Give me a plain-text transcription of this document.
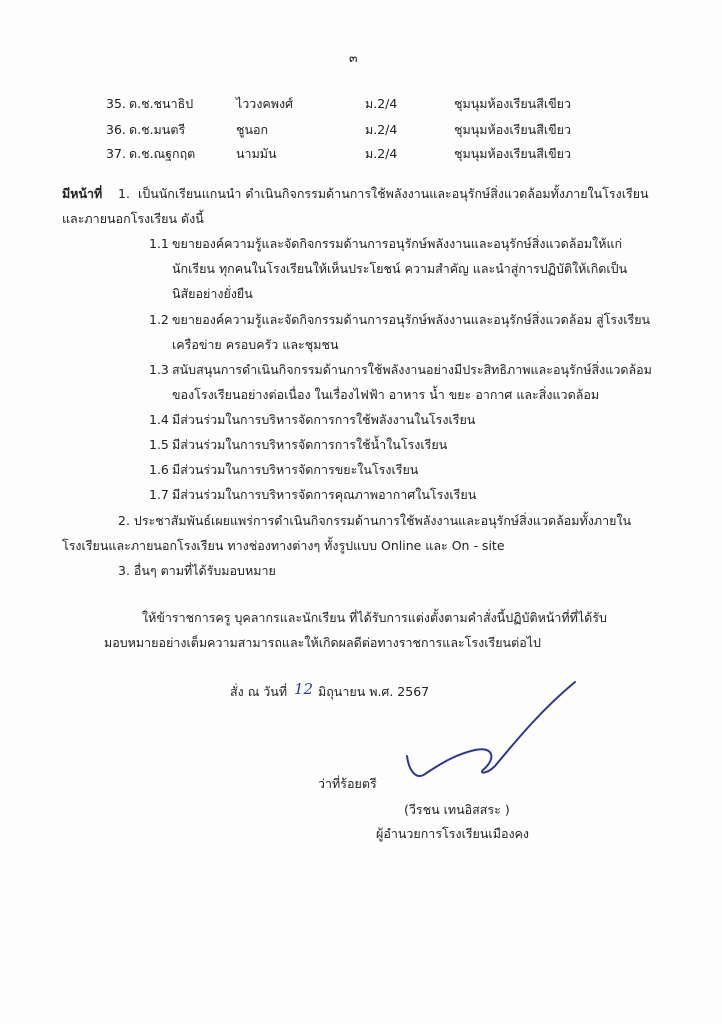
๓
35. ด.ช.ชนาธิป	ไววงคพงศ์	ม.2/4	ชุมนุมห้องเรียนสีเขียว
36. ด.ช.มนตรี	ชูนอก	ม.2/4	ชุมนุมห้องเรียนสีเขียว
37. ด.ช.ณฐกฤต	นามมัน	ม.2/4	ชุมนุมห้องเรียนสีเขียว
มีหน้าที่ 1. เป็นนักเรียนแกนนำ ดำเนินกิจกรรมด้านการใช้พลังงานและอนุรักษ์สิ่งแวดล้อมทั้งภายในโรงเรียน
และภายนอกโรงเรียน ดังนี้
1.1 ขยายองค์ความรู้และจัดกิจกรรมด้านการอนุรักษ์พลังงานและอนุรักษ์สิ่งแวดล้อมให้แก่
นักเรียน ทุกคนในโรงเรียนให้เห็นประโยชน์ ความสำคัญ และนำสู่การปฏิบัติให้เกิดเป็น
นิสัยอย่างยั่งยืน
1.2 ขยายองค์ความรู้และจัดกิจกรรมด้านการอนุรักษ์พลังงานและอนุรักษ์สิ่งแวดล้อม สู่โรงเรียน
เครือข่าย ครอบครัว และชุมชน
1.3 สนับสนุนการดำเนินกิจกรรมด้านการใช้พลังงานอย่างมีประสิทธิภาพและอนุรักษ์สิ่งแวดล้อม
ของโรงเรียนอย่างต่อเนื่อง ในเรื่องไฟฟ้า อาหาร น้ำ ขยะ อากาศ และสิ่งแวดล้อม
1.4 มีส่วนร่วมในการบริหารจัดการการใช้พลังงานในโรงเรียน
1.5 มีส่วนร่วมในการบริหารจัดการการใช้น้ำในโรงเรียน
1.6 มีส่วนร่วมในการบริหารจัดการขยะในโรงเรียน
1.7 มีส่วนร่วมในการบริหารจัดการคุณภาพอากาศในโรงเรียน
2. ประชาสัมพันธ์เผยแพร่การดำเนินกิจกรรมด้านการใช้พลังงานและอนุรักษ์สิ่งแวดล้อมทั้งภายใน
โรงเรียนและภายนอกโรงเรียน ทางช่องทางต่างๆ ทั้งรูปแบบ Online และ On - site
3. อื่นๆ ตามที่ได้รับมอบหมาย
ให้ข้าราชการครู บุคลากรและนักเรียน ที่ได้รับการแต่งตั้งตามคำสั่งนี้ปฏิบัติหน้าที่ที่ได้รับ
มอบหมายอย่างเต็มความสามารถและให้เกิดผลดีต่อทางราชการและโรงเรียนต่อไป
สั่ง ณ วันที่ 12 มิถุนายน พ.ศ. 2567
ว่าที่ร้อยตรี
(วีรชน เทนอิสสระ )
ผู้อำนวยการโรงเรียนเมืองคง
